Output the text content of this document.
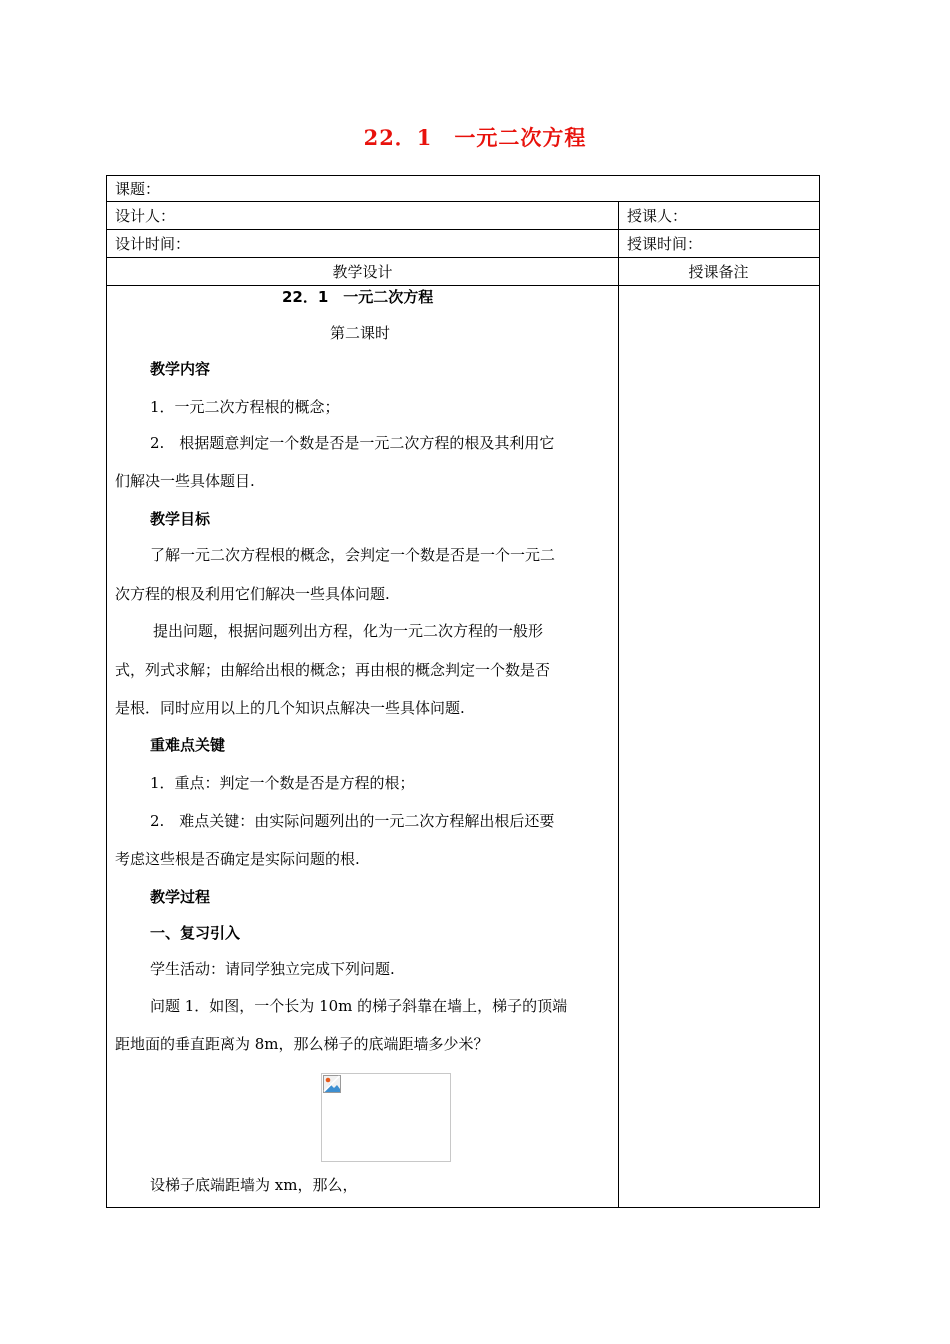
22．1　一元二次方程
课题：
设计人：	授课人：
设计时间：	授课时间：
教学设计	授课备注
22．1　一元二次方程
第二课时
教学内容
1．一元二次方程根的概念；
2.　根据题意判定一个数是否是一元二次方程的根及其利用它
们解决一些具体题目.
教学目标
了解一元二次方程根的概念，会判定一个数是否是一个一元二
次方程的根及利用它们解决一些具体问题.
提出问题，根据问题列出方程，化为一元二次方程的一般形
式，列式求解；由解给出根的概念；再由根的概念判定一个数是否
是根．同时应用以上的几个知识点解决一些具体问题.
重难点关键
1．重点：判定一个数是否是方程的根；
2.　难点关键：由实际问题列出的一元二次方程解出根后还要
考虑这些根是否确定是实际问题的根.
教学过程
一、复习引入
学生活动：请同学独立完成下列问题.
问题 1．如图，一个长为 10m 的梯子斜靠在墙上，梯子的顶端
距地面的垂直距离为 8m，那么梯子的底端距墙多少米？
设梯子底端距墙为 xm，那么，
